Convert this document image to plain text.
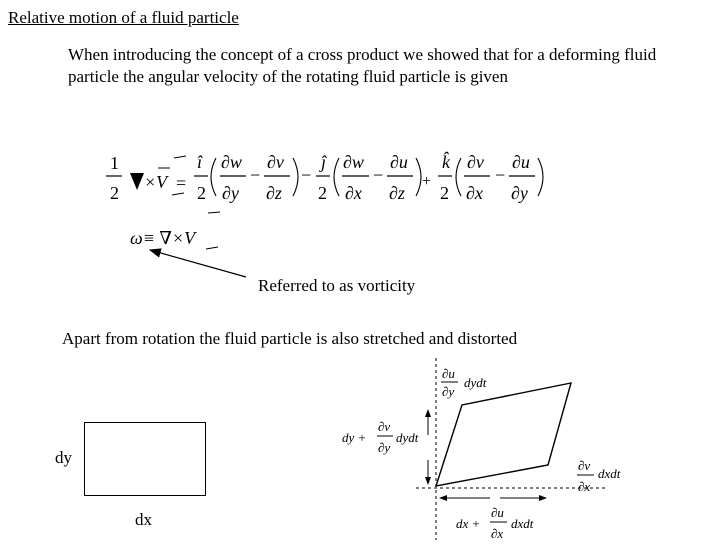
Relative motion of a fluid particle
When introducing the concept of a cross product we showed that for a deforming fluid particle the angular velocity of the rotating fluid particle is given
1
2
×V =
î
2
∂w
∂y
−
∂v
∂z
−
ĵ
2
∂w
∂x
−
∂u
∂z
+
k̂
2
∂v
∂x
−
∂u
∂y
ω≡ ∇×V
Referred to as vorticity
Apart from rotation the fluid particle is also stretched and distorted
dy
dx
∂u
∂y
dydt
dy +
∂v
∂y
dydt
∂v
∂x
dxdt
dx +
∂u
∂x
dxdt
